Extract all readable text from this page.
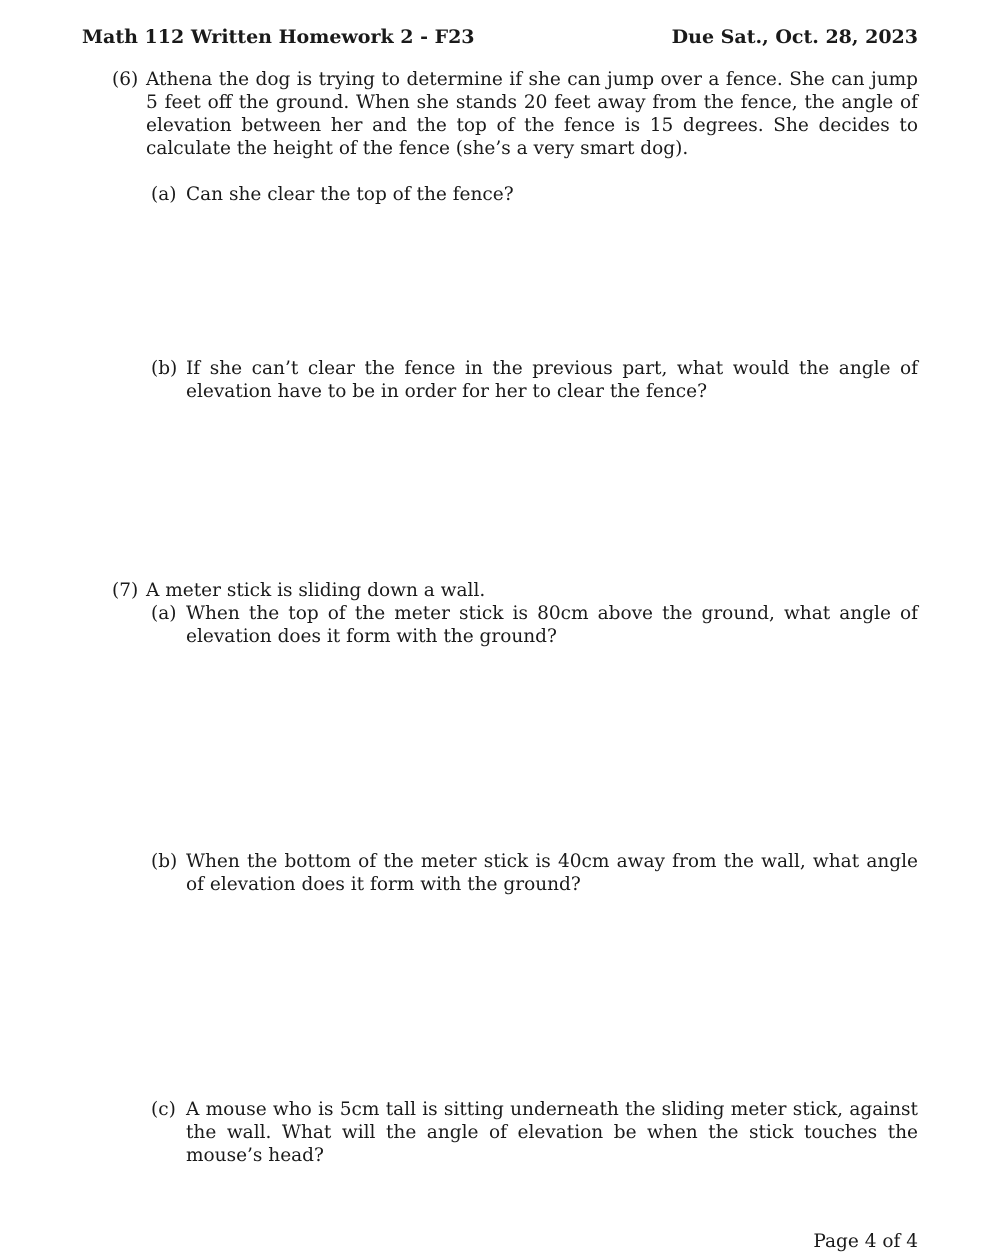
Math 112 Written Homework 2 - F23	Due Sat., Oct. 28, 2023
(6) Athena the dog is trying to determine if she can jump over a fence. She can jump 5 feet off the ground. When she stands 20 feet away from the fence, the angle of elevation between her and the top of the fence is 15 degrees. She decides to calculate the height of the fence (she’s a very smart dog).
(a) Can she clear the top of the fence?
(b) If she can’t clear the fence in the previous part, what would the angle of elevation have to be in order for her to clear the fence?
(7) A meter stick is sliding down a wall.
(a) When the top of the meter stick is 80cm above the ground, what angle of elevation does it form with the ground?
(b) When the bottom of the meter stick is 40cm away from the wall, what angle of elevation does it form with the ground?
(c) A mouse who is 5cm tall is sitting underneath the sliding meter stick, against the wall. What will the angle of elevation be when the stick touches the mouse’s head?
Page 4 of 4
